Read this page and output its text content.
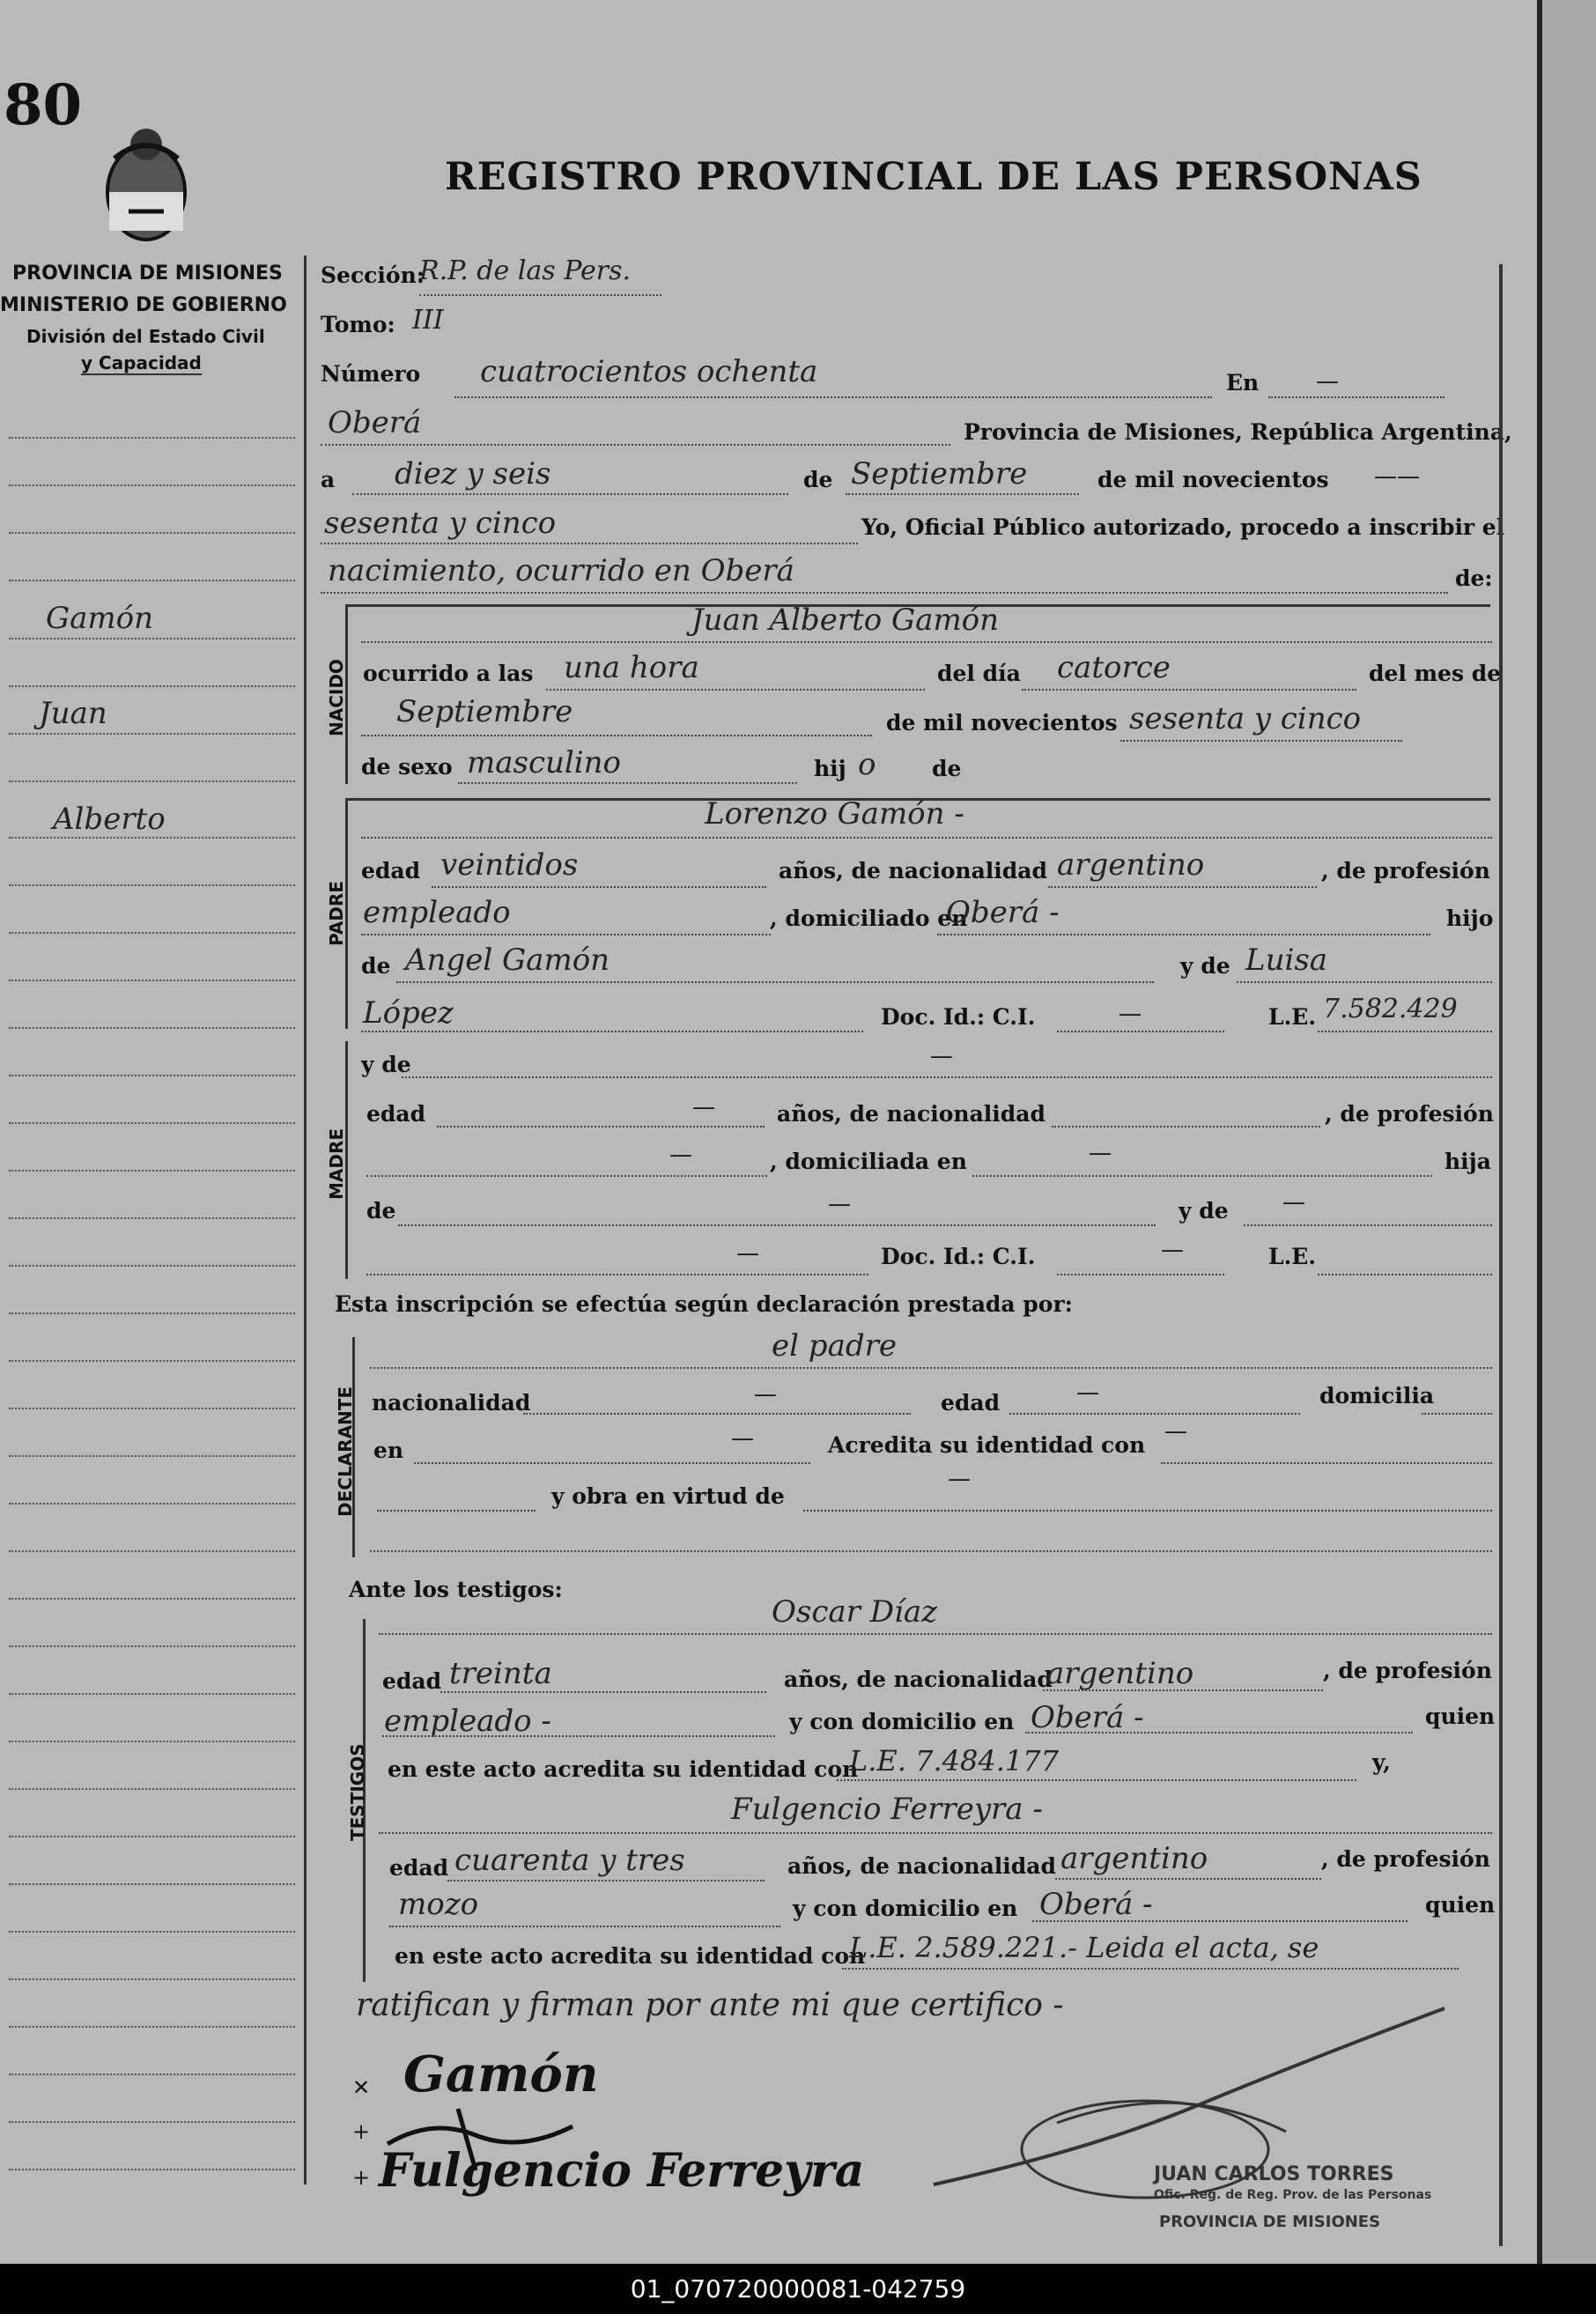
80
REGISTRO PROVINCIAL DE LAS PERSONAS
PROVINCIA DE MISIONES
MINISTERIO DE GOBIERNO
División del Estado Civil
y Capacidad
Gamón
Juan
Alberto
Sección:
R.P. de las Pers.
Tomo: III
Número cuatrocientos ochenta	En —
Oberá	Provincia de Misiones, República Argentina,
a diez y seis	de Septiembre	de mil novecientos ——
sesenta y cinco	Yo, Oficial Público autorizado, procedo a inscribir el
nacimiento, ocurrido en Oberá	de:
NACIDO
Juan Alberto Gamón
ocurrido a las una hora	del día catorce	del mes de
Septiembre	de mil novecientos sesenta y cinco
de sexo masculino	hij o	de
PADRE
Lorenzo Gamón -
edad veintidos	años, de nacionalidad argentino	, de profesión
empleado	, domiciliado en
Oberá -	hijo
de Angel Gamón	y de Luisa
López	Doc. Id.: C.I.	—	L.E. 7.582.429
MADRE
y de	—
edad	—	años, de nacionalidad	, de profesión
—	, domiciliada en	—	hija
de	—	y de —
—	Doc. Id.: C.I.	—	L.E.
Esta inscripción se efectúa según declaración prestada por:
DECLARANTE
el padre
nacionalidad	—	edad	—	domicilia
en	—	Acredita su identidad con
—
y obra en virtud de
—
Ante los testigos:
TESTIGOS
Oscar Díaz
edad treinta	años, de nacionalidad
argentino	, de profesión
empleado -	y con domicilio en Oberá -	quien
en este acto acredita su identidad con
L.E. 7.484.177	y,
Fulgencio Ferreyra -
edad cuarenta y tres	años, de nacionalidad argentino	, de profesión
mozo	y con domicilio en Oberá -	quien
en este acto acredita su identidad con
L.E. 2.589.221.- Leida el acta, se
ratifican y firman por ante mi que certifico -
Gamón
Fulgencio Ferreyra
✕
+
+	JUAN CARLOS TORRES
Ofic. Reg. de Reg. Prov. de las Personas
PROVINCIA DE MISIONES
01_070720000081-042759
